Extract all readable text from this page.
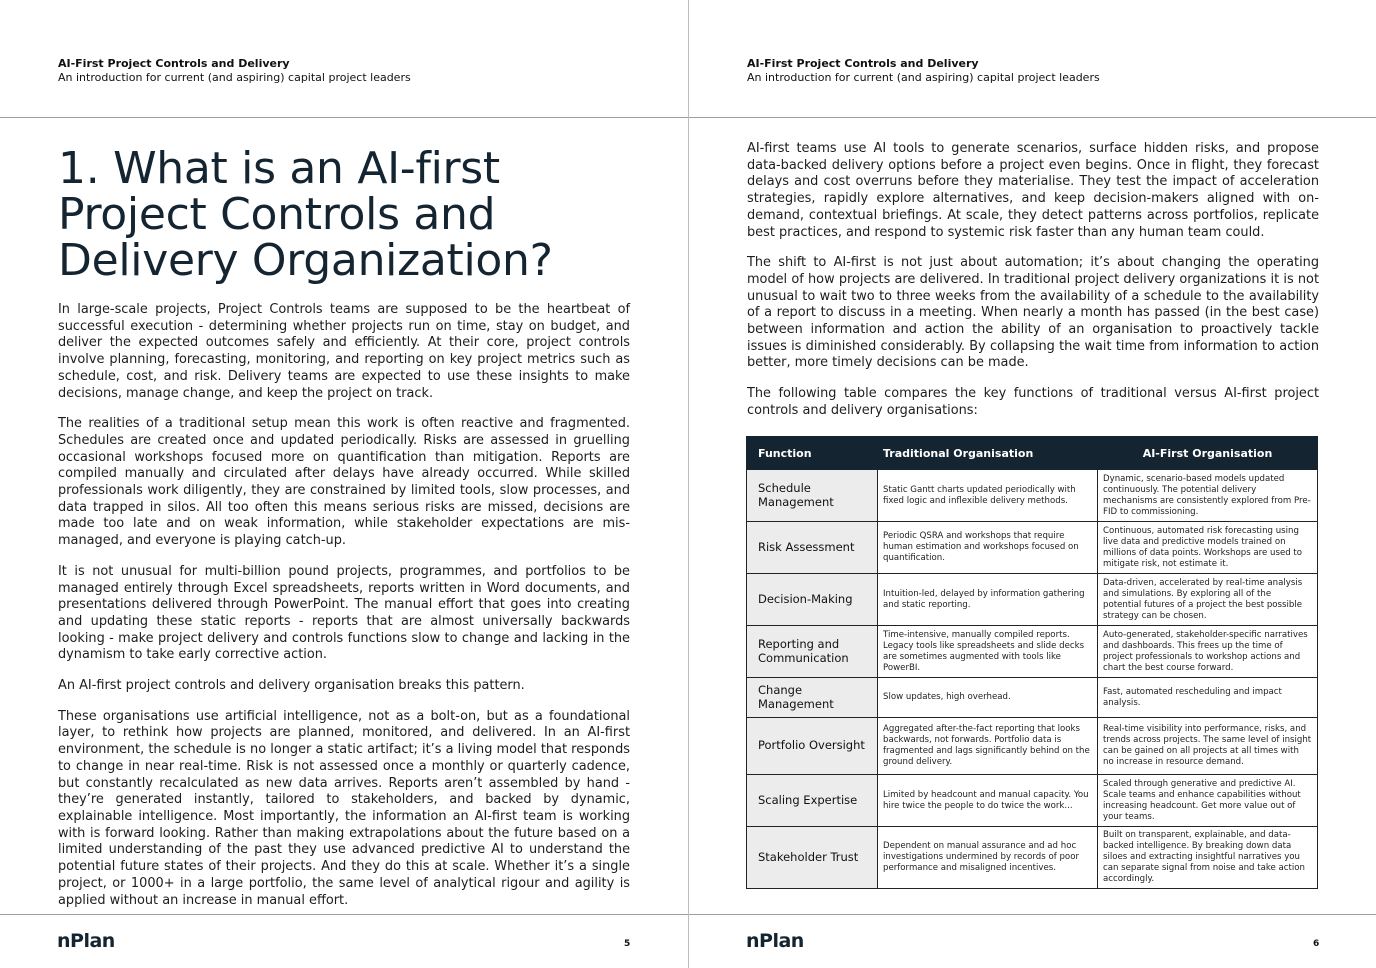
AI-First Project Controls and Delivery
An introduction for current (and aspiring) capital project leaders
1. What is an AI-first
Project Controls and
Delivery Organization?

In large-scale projects, Project Controls teams are supposed to be the heartbeat of successful execution - determining whether projects run on time, stay on budget, and deliver the expected outcomes safely and efficiently. At their core, project controls involve planning, forecasting, monitoring, and reporting on key project metrics such as schedule, cost, and risk. Delivery teams are expected to use these insights to make decisions, manage change, and keep the project on track.

The realities of a traditional setup mean this work is often reactive and fragmented. Schedules are created once and updated periodically. Risks are assessed in gruelling occasional workshops focused more on quantification than mitigation. Reports are compiled manually and circulated after delays have already occurred. While skilled professionals work diligently, they are constrained by limited tools, slow processes, and data trapped in silos. All too often this means serious risks are missed, decisions are made too late and on weak information, while stakeholder expectations are mis-managed, and everyone is playing catch-up.

It is not unusual for multi-billion pound projects, programmes, and portfolios to be managed entirely through Excel spreadsheets, reports written in Word documents, and presentations delivered through PowerPoint. The manual effort that goes into creating and updating these static reports - reports that are almost universally backwards looking - make project delivery and controls functions slow to change and lacking in the dynamism to take early corrective action.

An AI-first project controls and delivery organisation breaks this pattern.

These organisations use artificial intelligence, not as a bolt-on, but as a foundational layer, to rethink how projects are planned, monitored, and delivered. In an AI-first environment, the schedule is no longer a static artifact; it’s a living model that responds to change in near real-time. Risk is not assessed once a monthly or quarterly cadence, but constantly recalculated as new data arrives. Reports aren’t assembled by hand - they’re generated instantly, tailored to stakeholders, and backed by dynamic, explainable intelligence. Most importantly, the information an AI-first team is working with is forward looking. Rather than making extrapolations about the future based on a limited understanding of the past they use advanced predictive AI to understand the potential future states of their projects. And they do this at scale. Whether it’s a single project, or 1000+ in a large portfolio, the same level of analytical rigour and agility is applied without an increase in manual effort.

nPlan	5
AI-First Project Controls and Delivery
An introduction for current (and aspiring) capital project leaders
nPlan	6

AI-first teams use AI tools to generate scenarios, surface hidden risks, and propose data-backed delivery options before a project even begins. Once in flight, they forecast delays and cost overruns before they materialise. They test the impact of acceleration strategies, rapidly explore alternatives, and keep decision-makers aligned with on-demand, contextual briefings. At scale, they detect patterns across portfolios, replicate best practices, and respond to systemic risk faster than any human team could.

The shift to AI-first is not just about automation; it’s about changing the operating model of how projects are delivered. In traditional project delivery organizations it is not unusual to wait two to three weeks from the availability of a schedule to the availability of a report to discuss in a meeting. When nearly a month has passed (in the best case) between information and action the ability of an organisation to proactively tackle issues is diminished considerably. By collapsing the wait time from information to action better, more timely decisions can be made.

The following table compares the key functions of traditional versus AI-first project controls and delivery organisations:

Function	Traditional Organisation	AI-First Organisation
Schedule Management	Static Gantt charts updated periodically with fixed logic and inflexible delivery methods.	Dynamic, scenario-based models updated continuously. The potential delivery mechanisms are consistently explored from Pre-FID to commissioning.
Risk Assessment	Periodic QSRA and workshops that require human estimation and workshops focused on quantification.	Continuous, automated risk forecasting using live data and predictive models trained on millions of data points. Workshops are used to mitigate risk, not estimate it.
Decision-Making	Intuition-led, delayed by information gathering and static reporting.	Data-driven, accelerated by real-time analysis and simulations. By exploring all of the potential futures of a project the best possible strategy can be chosen.
Reporting and Communication	Time-intensive, manually compiled reports. Legacy tools like spreadsheets and slide decks are sometimes augmented with tools like PowerBI.	Auto-generated, stakeholder-specific narratives and dashboards. This frees up the time of project professionals to workshop actions and chart the best course forward.
Change Management	Slow updates, high overhead.	Fast, automated rescheduling and impact analysis.
Portfolio Oversight	Aggregated after-the-fact reporting that looks backwards, not forwards. Portfolio data is fragmented and lags significantly behind on the ground delivery.	Real-time visibility into performance, risks, and trends across projects. The same level of insight can be gained on all projects at all times with no increase in resource demand.
Scaling Expertise	Limited by headcount and manual capacity. You hire twice the people to do twice the work...	Scaled through generative and predictive AI. Scale teams and enhance capabilities without increasing headcount. Get more value out of your teams.
Stakeholder Trust	Dependent on manual assurance and ad hoc investigations undermined by records of poor performance and misaligned incentives.	Built on transparent, explainable, and data-backed intelligence. By breaking down data siloes and extracting insightful narratives you can separate signal from noise and take action accordingly.
